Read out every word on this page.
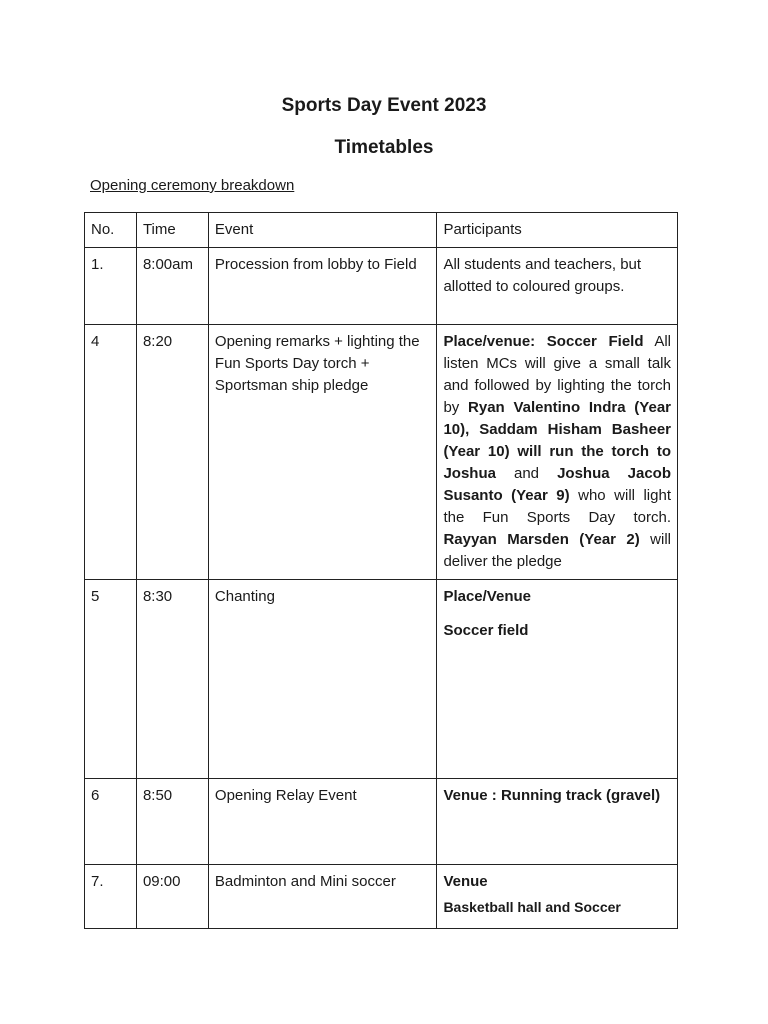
Sports Day Event 2023
Timetables

Opening ceremony breakdown

No.	Time	Event	Participants
1.	8:00am	Procession from lobby to Field	All students and teachers, but allotted to coloured groups.
4	8:20	Opening remarks + lighting the Fun Sports Day torch + Sportsman ship pledge	Place/venue: Soccer Field All listen MCs will give a small talk and followed by lighting the torch by Ryan Valentino Indra (Year 10), Saddam Hisham Basheer (Year 10) will run the torch to Joshua and Joshua Jacob Susanto (Year 9) who will light the Fun Sports Day torch. Rayyan Marsden (Year 2) will deliver the pledge
5	8:30	Chanting	Place/Venue

Soccer field

6	8:50	Opening Relay Event	Venue : Running track (gravel)
7.	09:00	Badminton and Mini soccer	Venue
Basketball hall and Soccer
